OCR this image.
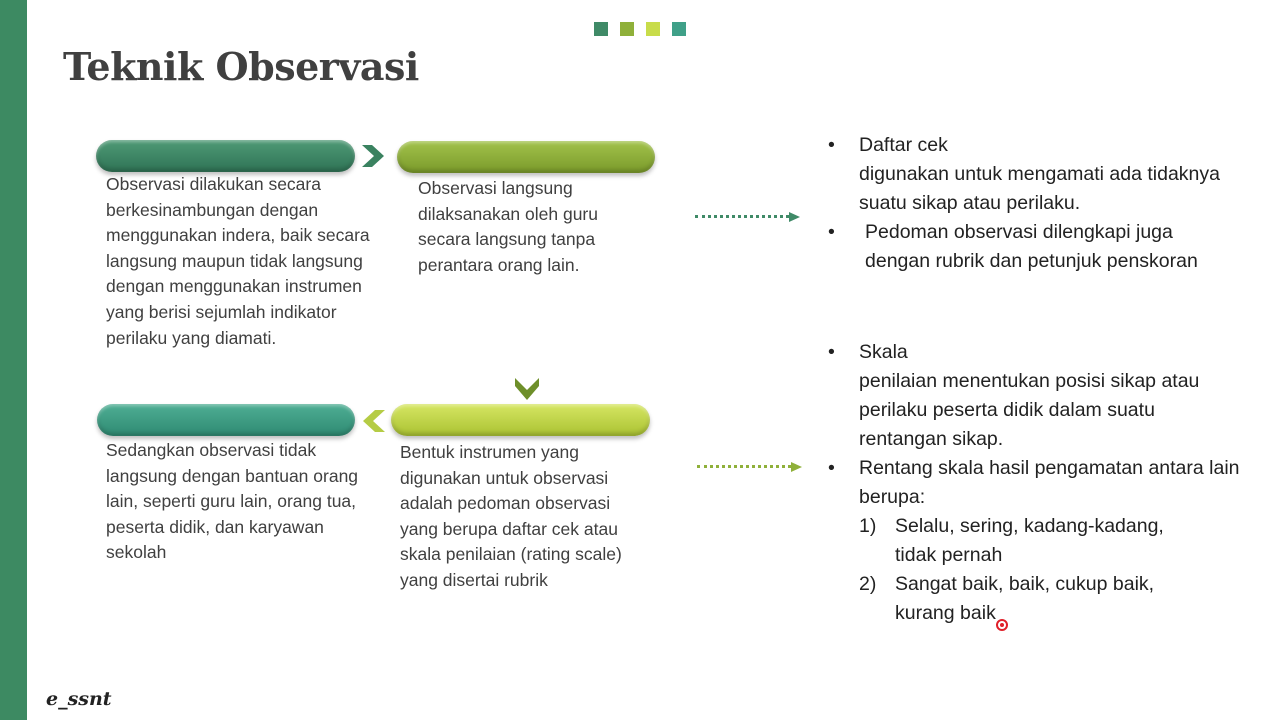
Teknik Observasi
Observasi dilakukan secara berkesinambungan dengan menggunakan indera, baik secara langsung maupun tidak langsung dengan menggunakan instrumen yang berisi sejumlah indikator perilaku yang diamati.
Observasi langsung dilaksanakan oleh guru secara langsung tanpa perantara orang lain.
Sedangkan observasi tidak langsung dengan bantuan orang lain, seperti guru lain, orang tua, peserta didik, dan karyawan sekolah
Bentuk instrumen yang digunakan untuk observasi adalah pedoman observasi yang berupa daftar cek atau skala penilaian (rating scale) yang disertai rubrik
• Daftar cek
digunakan untuk mengamati ada tidaknya suatu sikap atau perilaku.
• Pedoman observasi dilengkapi juga dengan rubrik dan petunjuk penskoran
• Skala
penilaian menentukan posisi sikap atau perilaku peserta didik dalam suatu rentangan sikap.
• Rentang skala hasil pengamatan antara lain berupa:
1) Selalu, sering, kadang-kadang, tidak pernah
2) Sangat baik, baik, cukup baik, kurang baik
e_ssnt
